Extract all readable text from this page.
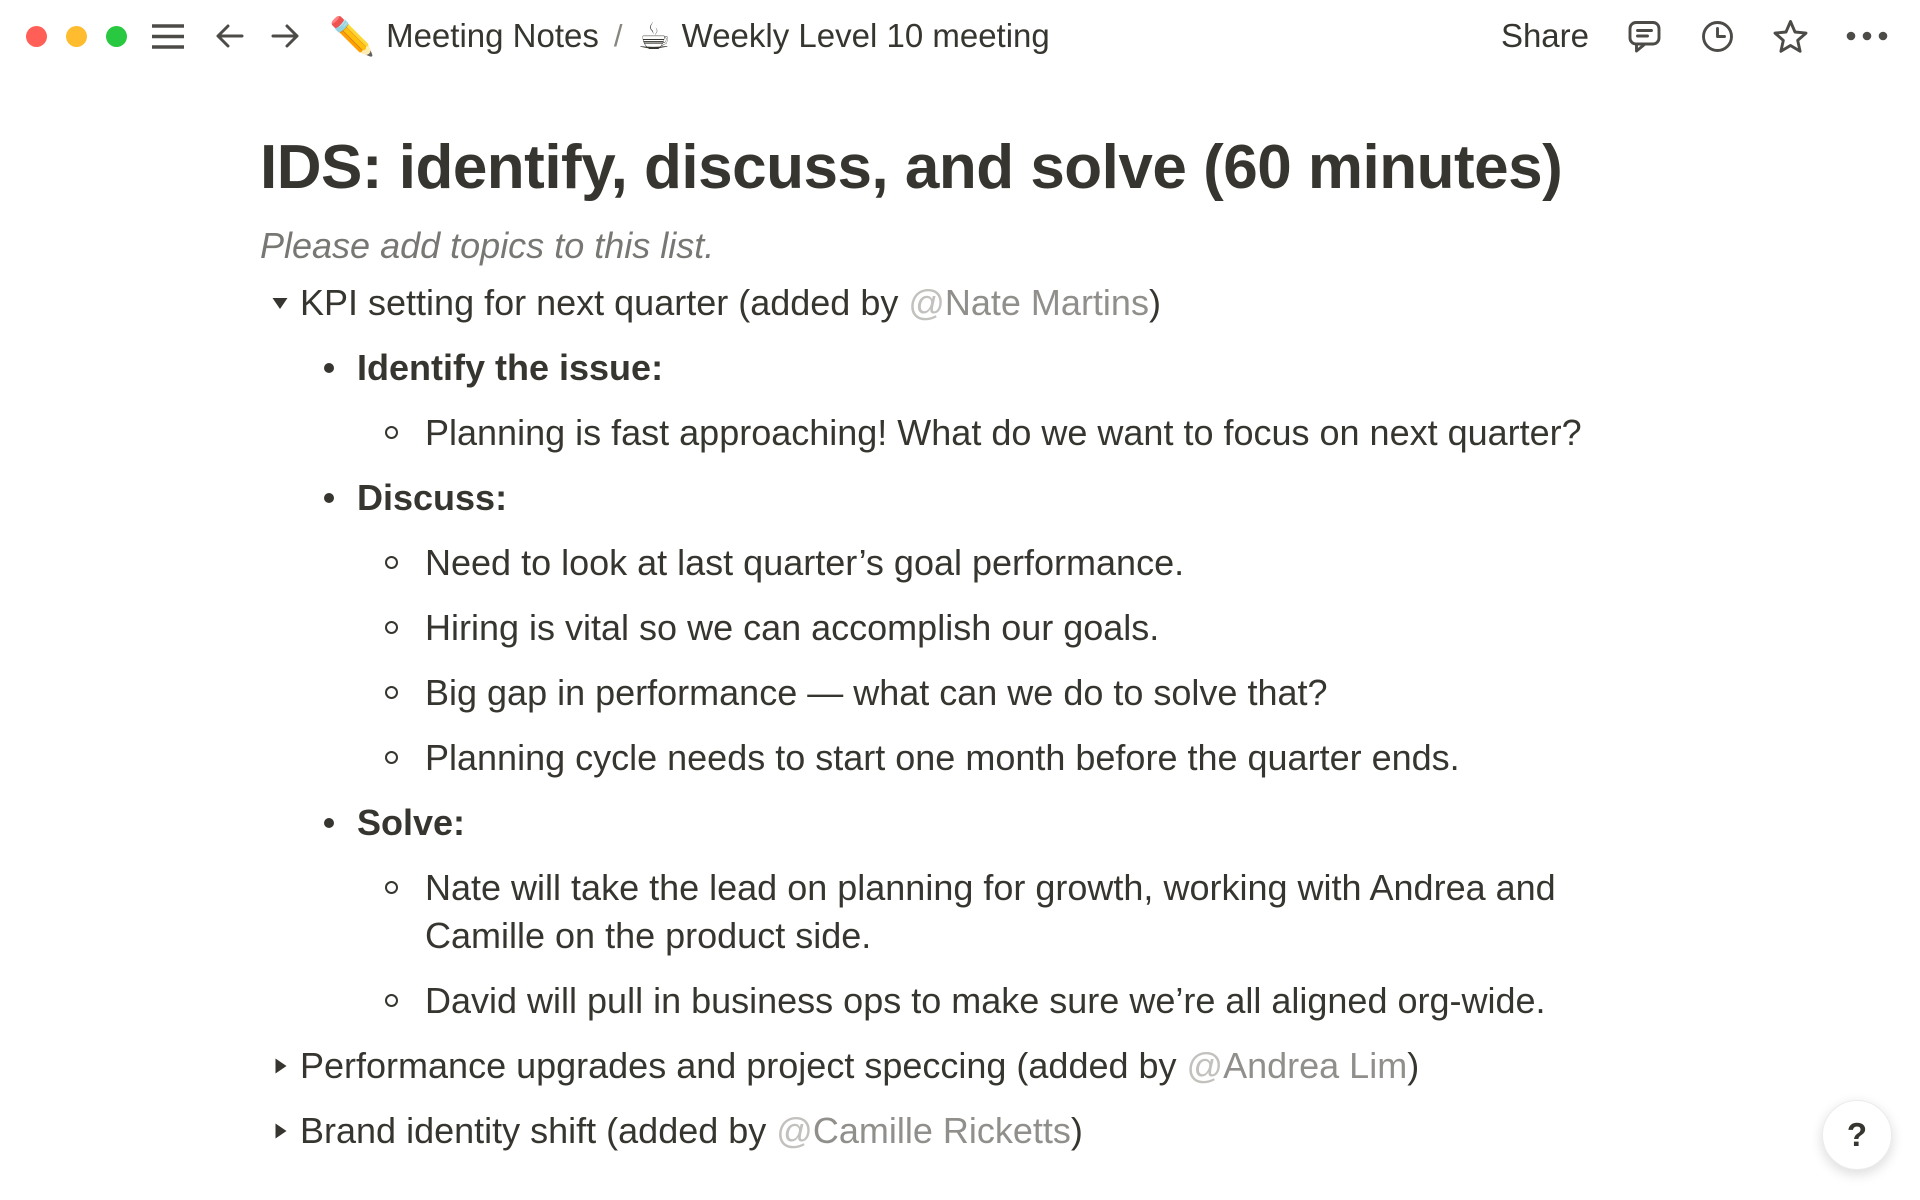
✏️ Meeting Notes / ☕ Weekly Level 10 meeting	Share
IDS: identify, discuss, and solve (60 minutes)

Please add topics to this list.

KPI setting for next quarter (added by @Nate Martins)
Identify the issue:
Planning is fast approaching! What do we want to focus on next quarter?
Discuss:
Need to look at last quarter’s goal performance.
Hiring is vital so we can accomplish our goals.
Big gap in performance — what can we do to solve that?
Planning cycle needs to start one month before the quarter ends.
Solve:
Nate will take the lead on planning for growth, working with Andrea and Camille on the product side.
David will pull in business ops to make sure we’re all aligned org-wide.
Performance upgrades and project speccing (added by @Andrea Lim)
Brand identity shift (added by @Camille Ricketts)	?
